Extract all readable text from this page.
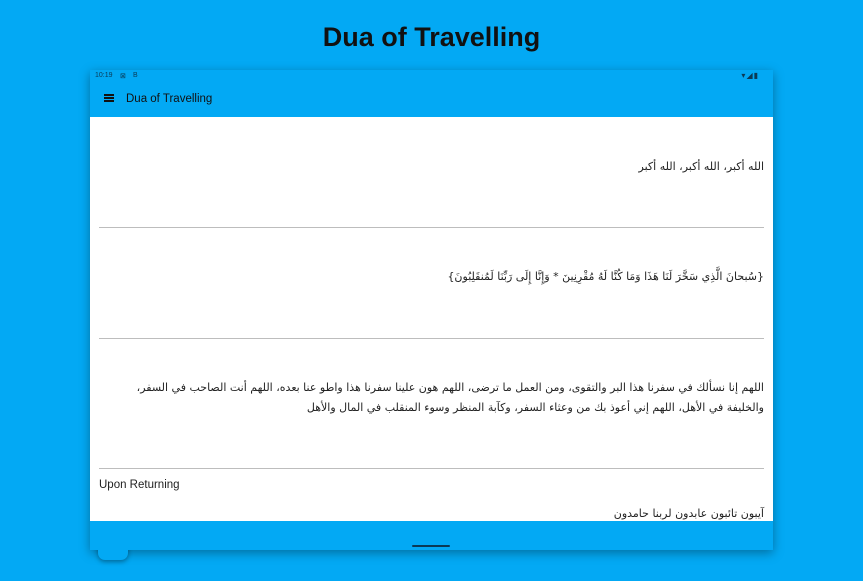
Dua of Travelling
10:19 ⊠ B	▾◢▮
Dua of Travelling
الله أكبر، الله أكبر، الله أكبر
{سُبحانَ الَّذِي سَخَّرَ لَنَا هَذَا وَمَا كُنَّا لَهُ مُقْرِنِينَ * وَإِنَّا إِلَى رَبِّنَا لَمُنقَلِبُونَ}
اللهم إنا نسألك في سفرنا هذا البر والتقوى، ومن العمل ما ترضى، اللهم هون علينا سفرنا هذا واطو عنا بعده، اللهم أنت الصاحب في السفر، والخليفة في الأهل، اللهم إني أعوذ بك من وعثاء السفر، وكآبة المنظر وسوء المنقلب في المال والأهل
Upon Returning
آيبون تائبون عابدون لربنا حامدون
